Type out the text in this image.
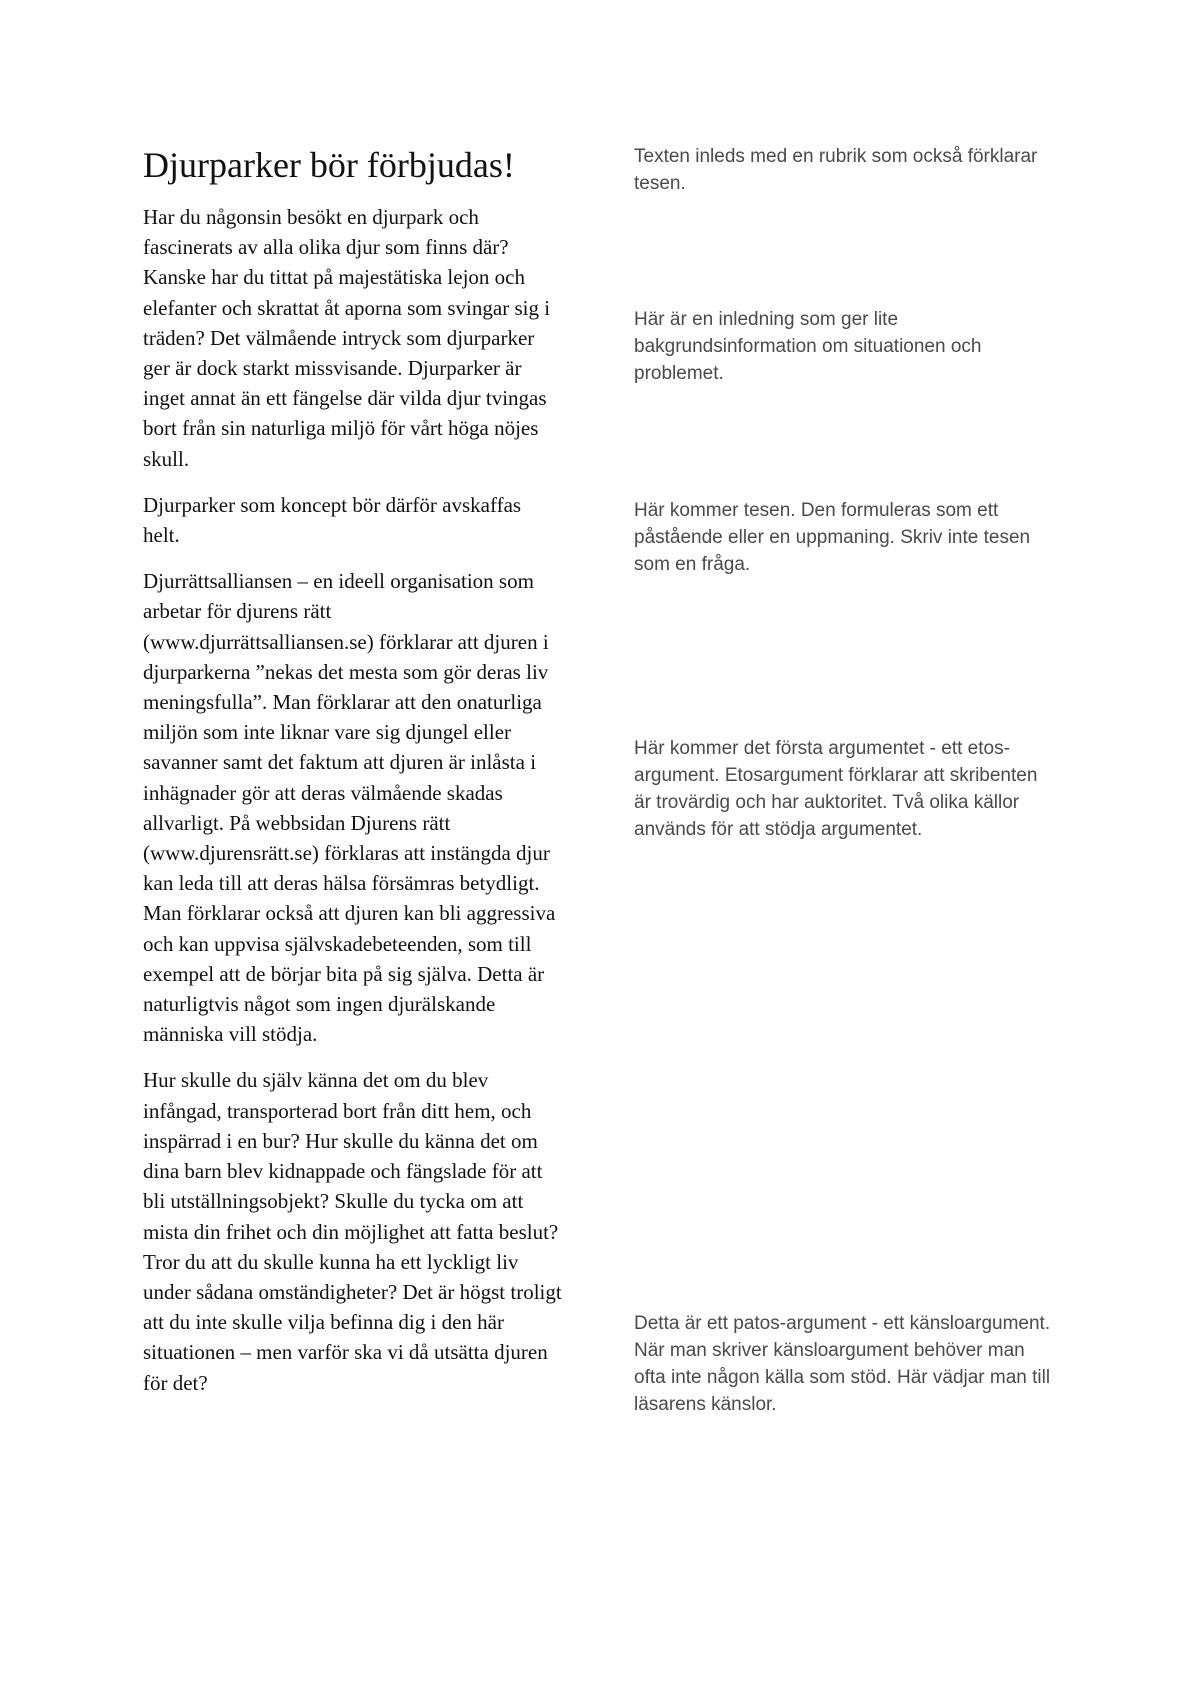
Djurparker bör förbjudas!

Har du någonsin besökt en djurpark och fascinerats av alla olika djur som finns där? Kanske har du tittat på majestätiska lejon och elefanter och skrattat åt aporna som svingar sig i träden? Det välmående intryck som djurparker ger är dock starkt missvisande. Djurparker är inget annat än ett fängelse där vilda djur tvingas bort från sin naturliga miljö för vårt höga nöjes skull.

Djurparker som koncept bör därför avskaffas helt.

Djurrättsalliansen – en ideell organisation som arbetar för djurens rätt (www.djurrättsalliansen.se) förklarar att djuren i djurparkerna ”nekas det mesta som gör deras liv meningsfulla”. Man förklarar att den onaturliga miljön som inte liknar vare sig djungel eller savanner samt det faktum att djuren är inlåsta i inhägnader gör att deras välmående skadas allvarligt. På webbsidan Djurens rätt (www.djurensrätt.se) förklaras att instängda djur kan leda till att deras hälsa försämras betydligt. Man förklarar också att djuren kan bli aggressiva och kan uppvisa självskadebeteenden, som till exempel att de börjar bita på sig själva. Detta är naturligtvis något som ingen djurälskande människa vill stödja.

Hur skulle du själv känna det om du blev infångad, transporterad bort från ditt hem, och inspärrad i en bur? Hur skulle du känna det om dina barn blev kidnappade och fängslade för att bli utställningsobjekt? Skulle du tycka om att mista din frihet och din möjlighet att fatta beslut? Tror du att du skulle kunna ha ett lyckligt liv under sådana omständigheter? Det är högst troligt att du inte skulle vilja befinna dig i den här situationen – men varför ska vi då utsätta djuren för det?

Texten inleds med en rubrik som också förklarar tesen.

Här är en inledning som ger lite bakgrundsinformation om situationen och problemet.

Här kommer tesen. Den formuleras som ett påstående eller en uppmaning. Skriv inte tesen som en fråga.

Här kommer det första argumentet - ett etos-argument. Etosargument förklarar att skribenten är trovärdig och har auktoritet. Två olika källor används för att stödja argumentet.

Detta är ett patos-argument - ett känsloargument. När man skriver känsloargument behöver man ofta inte någon källa som stöd. Här vädjar man till läsarens känslor.
